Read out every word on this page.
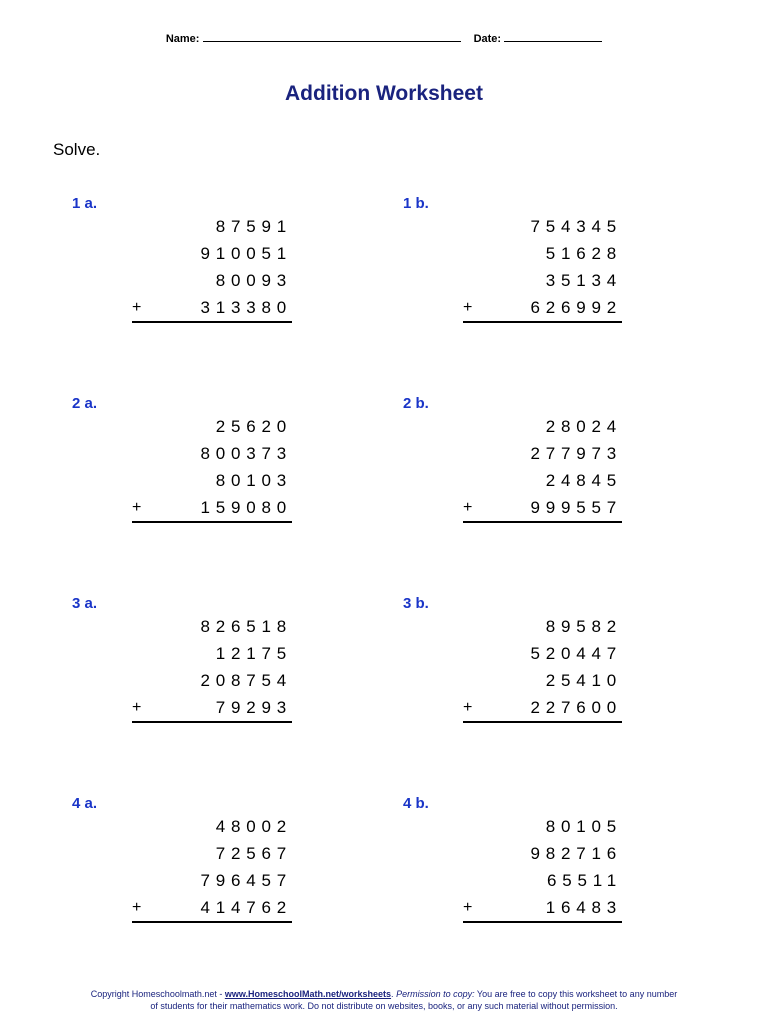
Name:	Date:
Addition Worksheet
Solve.
1 a.
87591
910051
80093
313380
+
1 b.
754345
51628
35134
626992
+
2 a.
25620
800373
80103
159080
+
2 b.
28024
277973
24845
999557
+
3 a.
826518
12175
208754
79293
+
3 b.
89582
520447
25410
227600
+
4 a.
48002
72567
796457
414762
+
4 b.
80105
982716
65511
16483
+
Copyright Homeschoolmath.net - www.HomeschoolMath.net/worksheets. Permission to copy: You are free to copy this worksheet to any number of students for their mathematics work. Do not distribute on websites, books, or any such material without permission.
